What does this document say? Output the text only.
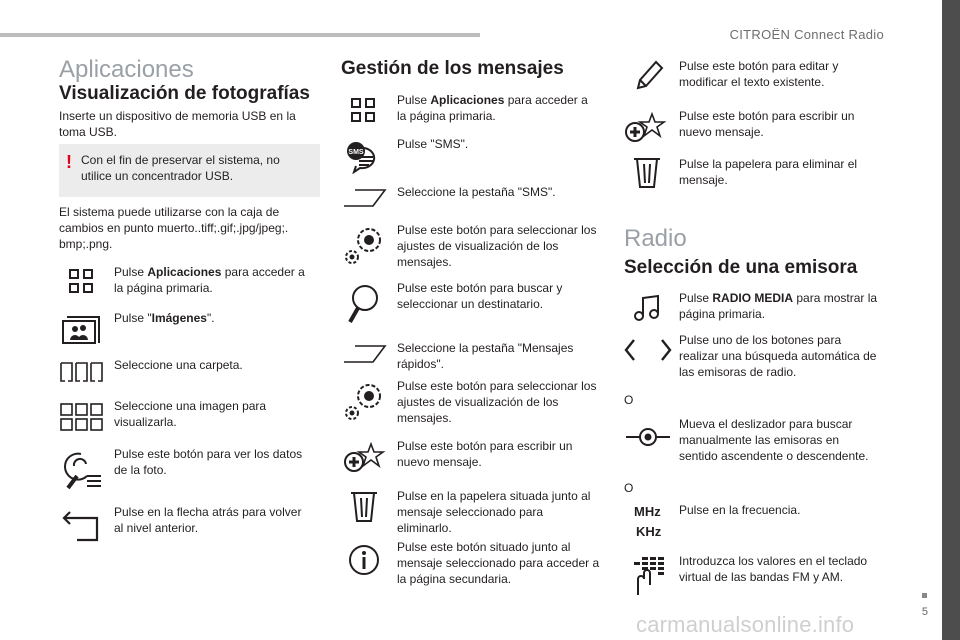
CITROËN Connect Radio
5
Aplicaciones
Visualización de fotografías
Inserte un dispositivo de memoria USB en la toma USB.
! Con el fin de preservar el sistema, no utilice un concentrador USB.
El sistema puede utilizarse con la caja de cambios en punto muerto..tiff;.gif;.jpg/jpeg;. bmp;.png.
Pulse Aplicaciones para acceder a la página primaria.
Pulse "Imágenes".
Seleccione una carpeta.
Seleccione una imagen para visualizarla.
Pulse este botón para ver los datos de la foto.
Pulse en la flecha atrás para volver al nivel anterior.
Gestión de los mensajes
Pulse Aplicaciones para acceder a la página primaria.
SMS
Pulse "SMS".
Seleccione la pestaña "SMS".
Pulse este botón para seleccionar los ajustes de visualización de los mensajes.
Pulse este botón para buscar y seleccionar un destinatario.
Seleccione la pestaña "Mensajes rápidos".
Pulse este botón para seleccionar los ajustes de visualización de los mensajes.
Pulse este botón para escribir un nuevo mensaje.
Pulse en la papelera situada junto al mensaje seleccionado para eliminarlo.
Pulse este botón situado junto al mensaje seleccionado para acceder a la página secundaria.
Pulse este botón para editar y modificar el texto existente.
Pulse este botón para escribir un nuevo mensaje.
Pulse la papelera para eliminar el mensaje.
Radio
Selección de una emisora
Pulse RADIO MEDIA para mostrar la página primaria.
Pulse uno de los botones para realizar una búsqueda automática de las emisoras de radio.
O
Mueva el deslizador para buscar manualmente las emisoras en sentido ascendente o descendente.
O
MHz
KHz
Pulse en la frecuencia.
Introduzca los valores en el teclado virtual de las bandas FM y AM.
carmanualsonline.info
